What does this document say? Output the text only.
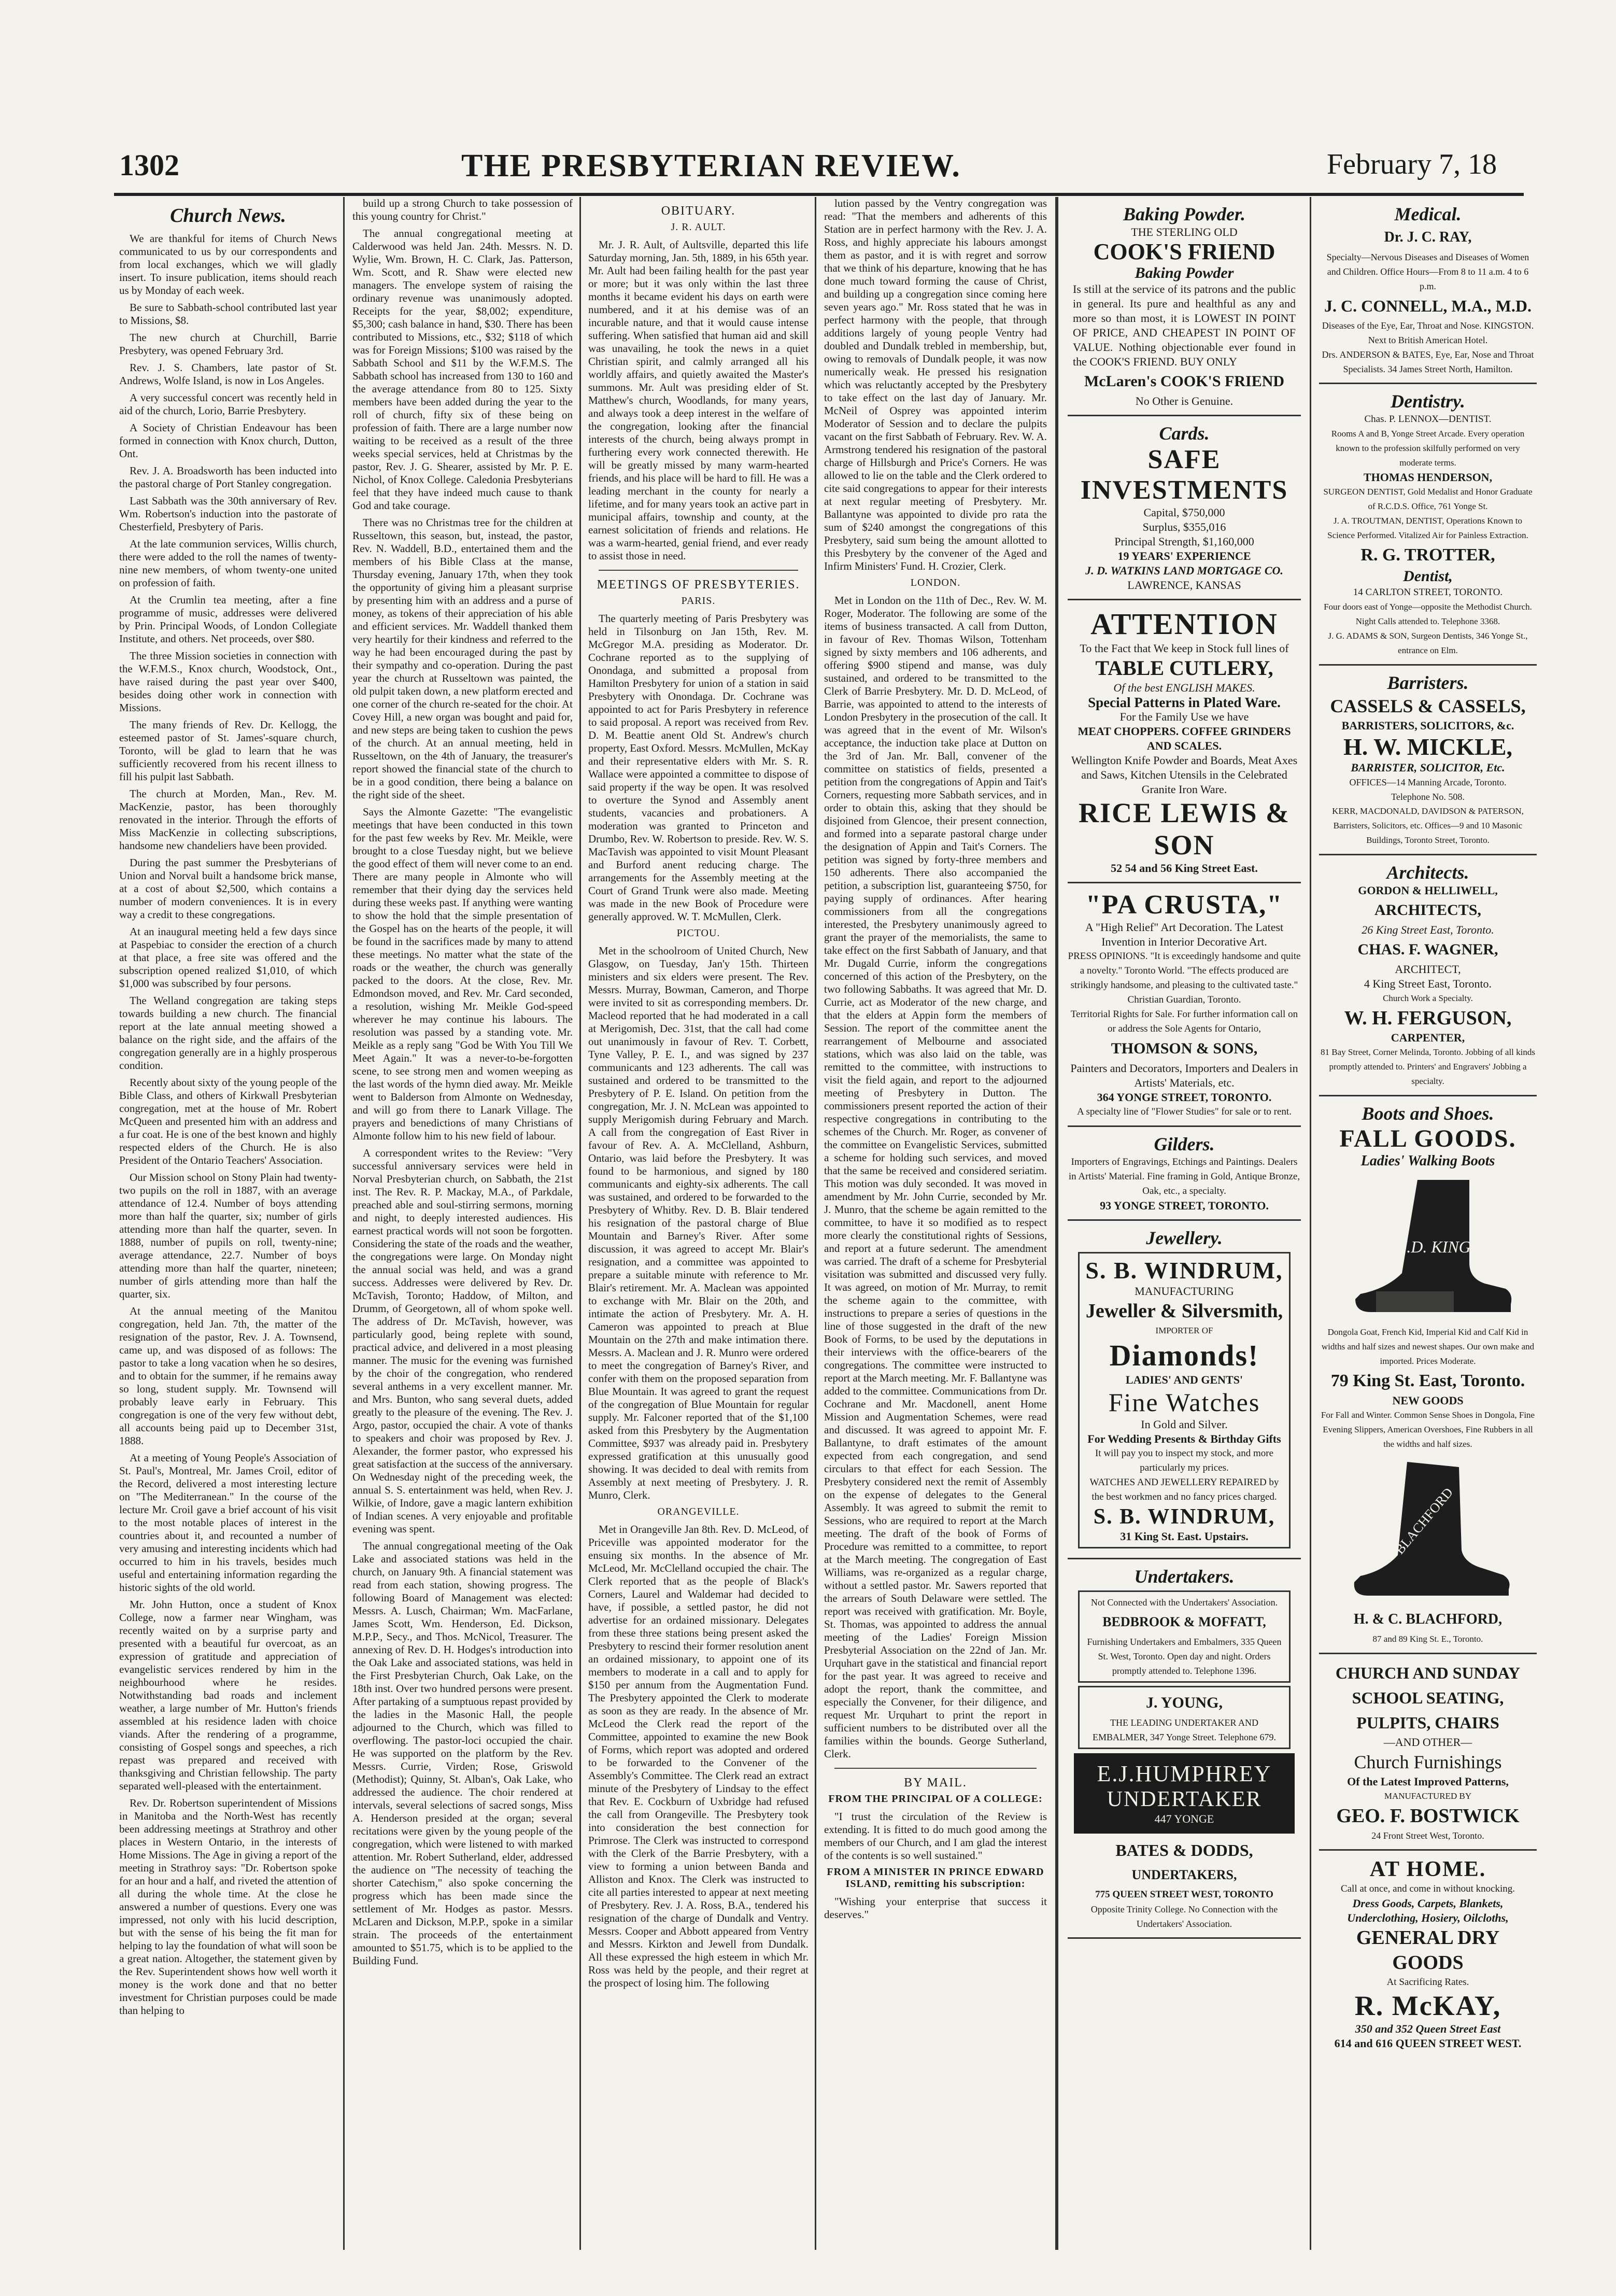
1302	THE PRESBYTERIAN REVIEW.	February 7, 18
Church News.

We are thankful for items of Church News communicated to us by our correspondents and from local exchanges, which we will gladly insert. To insure publication, items should reach us by Monday of each week.

Be sure to Sabbath-school contributed last year to Missions, $8.

The new church at Churchill, Barrie Presbytery, was opened February 3rd.

Rev. J. S. Chambers, late pastor of St. Andrews, Wolfe Island, is now in Los Angeles.

A very successful concert was recently held in aid of the church, Lorio, Barrie Presbytery.

A Society of Christian Endeavour has been formed in connection with Knox church, Dutton, Ont.

Rev. J. A. Broadsworth has been inducted into the pastoral charge of Port Stanley congregation.

Last Sabbath was the 30th anniversary of Rev. Wm. Robertson's induction into the pastorate of Chesterfield, Presbytery of Paris.

At the late communion services, Willis church, there were added to the roll the names of twenty-nine new members, of whom twenty-one united on profession of faith.

At the Crumlin tea meeting, after a fine programme of music, addresses were delivered by Prin. Principal Woods, of London Collegiate Institute, and others. Net proceeds, over $80.

The three Mission societies in connection with the W.F.M.S., Knox church, Woodstock, Ont., have raised during the past year over $400, besides doing other work in connection with Missions.

The many friends of Rev. Dr. Kellogg, the esteemed pastor of St. James'-square church, Toronto, will be glad to learn that he was sufficiently recovered from his recent illness to fill his pulpit last Sabbath.

The church at Morden, Man., Rev. M. MacKenzie, pastor, has been thoroughly renovated in the interior. Through the efforts of Miss MacKenzie in collecting subscriptions, handsome new chandeliers have been provided.

During the past summer the Presbyterians of Union and Norval built a handsome brick manse, at a cost of about $2,500, which contains a number of modern conveniences. It is in every way a credit to these congregations.

At an inaugural meeting held a few days since at Paspebiac to consider the erection of a church at that place, a free site was offered and the subscription opened realized $1,010, of which $1,000 was subscribed by four persons.

The Welland congregation are taking steps towards building a new church. The financial report at the late annual meeting showed a balance on the right side, and the affairs of the congregation generally are in a highly prosperous condition.

Recently about sixty of the young people of the Bible Class, and others of Kirkwall Presbyterian congregation, met at the house of Mr. Robert McQueen and presented him with an address and a fur coat. He is one of the best known and highly respected elders of the Church. He is also President of the Ontario Teachers' Association.

Our Mission school on Stony Plain had twenty-two pupils on the roll in 1887, with an average attendance of 12.4. Number of boys attending more than half the quarter, six; number of girls attending more than half the quarter, seven. In 1888, number of pupils on roll, twenty-nine; average attendance, 22.7. Number of boys attending more than half the quarter, nineteen; number of girls attending more than half the quarter, six.

At the annual meeting of the Manitou congregation, held Jan. 7th, the matter of the resignation of the pastor, Rev. J. A. Townsend, came up, and was disposed of as follows: The pastor to take a long vacation when he so desires, and to obtain for the summer, if he remains away so long, student supply. Mr. Townsend will probably leave early in February. This congregation is one of the very few without debt, all accounts being paid up to December 31st, 1888.

At a meeting of Young People's Association of St. Paul's, Montreal, Mr. James Croil, editor of the Record, delivered a most interesting lecture on "The Mediterranean." In the course of the lecture Mr. Croil gave a brief account of his visit to the most notable places of interest in the countries about it, and recounted a number of very amusing and interesting incidents which had occurred to him in his travels, besides much useful and entertaining information regarding the historic sights of the old world.

Mr. John Hutton, once a student of Knox College, now a farmer near Wingham, was recently waited on by a surprise party and presented with a beautiful fur overcoat, as an expression of gratitude and appreciation of evangelistic services rendered by him in the neighbourhood where he resides. Notwithstanding bad roads and inclement weather, a large number of Mr. Hutton's friends assembled at his residence laden with choice viands. After the rendering of a programme, consisting of Gospel songs and speeches, a rich repast was prepared and received with thanksgiving and Christian fellowship. The party separated well-pleased with the entertainment.

Rev. Dr. Robertson superintendent of Missions in Manitoba and the North-West has recently been addressing meetings at Strathroy and other places in Western Ontario, in the interests of Home Missions. The Age in giving a report of the meeting in Strathroy says: "Dr. Robertson spoke for an hour and a half, and riveted the attention of all during the whole time. At the close he answered a number of questions. Every one was impressed, not only with his lucid description, but with the sense of his being the fit man for helping to lay the foundation of what will soon be a great nation. Altogether, the statement given by the Rev. Superintendent shows how well worth it money is the work done and that no better investment for Christian purposes could be made than helping to

build up a strong Church to take possession of this young country for Christ."

The annual congregational meeting at Calderwood was held Jan. 24th. Messrs. N. D. Wylie, Wm. Brown, H. C. Clark, Jas. Patterson, Wm. Scott, and R. Shaw were elected new managers. The envelope system of raising the ordinary revenue was unanimously adopted. Receipts for the year, $8,002; expenditure, $5,300; cash balance in hand, $30. There has been contributed to Missions, etc., $32; $118 of which was for Foreign Missions; $100 was raised by the Sabbath School and $11 by the W.F.M.S. The Sabbath school has increased from 130 to 160 and the average attendance from 80 to 125. Sixty members have been added during the year to the roll of church, fifty six of these being on profession of faith. There are a large number now waiting to be received as a result of the three weeks special services, held at Christmas by the pastor, Rev. J. G. Shearer, assisted by Mr. P. E. Nichol, of Knox College. Caledonia Presbyterians feel that they have indeed much cause to thank God and take courage.

There was no Christmas tree for the children at Russeltown, this season, but, instead, the pastor, Rev. N. Waddell, B.D., entertained them and the members of his Bible Class at the manse, Thursday evening, January 17th, when they took the opportunity of giving him a pleasant surprise by presenting him with an address and a purse of money, as tokens of their appreciation of his able and efficient services. Mr. Waddell thanked them very heartily for their kindness and referred to the way he had been encouraged during the past by their sympathy and co-operation. During the past year the church at Russeltown was painted, the old pulpit taken down, a new platform erected and one corner of the church re-seated for the choir. At Covey Hill, a new organ was bought and paid for, and new steps are being taken to cushion the pews of the church. At an annual meeting, held in Russeltown, on the 4th of January, the treasurer's report showed the financial state of the church to be in a good condition, there being a balance on the right side of the sheet.

Says the Almonte Gazette: "The evangelistic meetings that have been conducted in this town for the past few weeks by Rev. Mr. Meikle, were brought to a close Tuesday night, but we believe the good effect of them will never come to an end. There are many people in Almonte who will remember that their dying day the services held during these weeks past. If anything were wanting to show the hold that the simple presentation of the Gospel has on the hearts of the people, it will be found in the sacrifices made by many to attend these meetings. No matter what the state of the roads or the weather, the church was generally packed to the doors. At the close, Rev. Mr. Edmondson moved, and Rev. Mr. Card seconded, a resolution, wishing Mr. Meikle God-speed wherever he may continue his labours. The resolution was passed by a standing vote. Mr. Meikle as a reply sang "God be With You Till We Meet Again." It was a never-to-be-forgotten scene, to see strong men and women weeping as the last words of the hymn died away. Mr. Meikle went to Balderson from Almonte on Wednesday, and will go from there to Lanark Village. The prayers and benedictions of many Christians of Almonte follow him to his new field of labour.

A correspondent writes to the Review: "Very successful anniversary services were held in Norval Presbyterian church, on Sabbath, the 21st inst. The Rev. R. P. Mackay, M.A., of Parkdale, preached able and soul-stirring sermons, morning and night, to deeply interested audiences. His earnest practical words will not soon be forgotten. Considering the state of the roads and the weather, the congregations were large. On Monday night the annual social was held, and was a grand success. Addresses were delivered by Rev. Dr. McTavish, Toronto; Haddow, of Milton, and Drumm, of Georgetown, all of whom spoke well. The address of Dr. McTavish, however, was particularly good, being replete with sound, practical advice, and delivered in a most pleasing manner. The music for the evening was furnished by the choir of the congregation, who rendered several anthems in a very excellent manner. Mr. and Mrs. Bunton, who sang several duets, added greatly to the pleasure of the evening. The Rev. J. Argo, pastor, occupied the chair. A vote of thanks to speakers and choir was proposed by Rev. J. Alexander, the former pastor, who expressed his great satisfaction at the success of the anniversary. On Wednesday night of the preceding week, the annual S. S. entertainment was held, when Rev. J. Wilkie, of Indore, gave a magic lantern exhibition of Indian scenes. A very enjoyable and profitable evening was spent.

The annual congregational meeting of the Oak Lake and associated stations was held in the church, on January 9th. A financial statement was read from each station, showing progress. The following Board of Management was elected: Messrs. A. Lusch, Chairman; Wm. MacFarlane, James Scott, Wm. Henderson, Ed. Dickson, M.P.P., Secy., and Thos. McNicol, Treasurer. The annexing of Rev. D. H. Hodges's introduction into the Oak Lake and associated stations, was held in the First Presbyterian Church, Oak Lake, on the 18th inst. Over two hundred persons were present. After partaking of a sumptuous repast provided by the ladies in the Masonic Hall, the people adjourned to the Church, which was filled to overflowing. The pastor-loci occupied the chair. He was supported on the platform by the Rev. Messrs. Currie, Virden; Rose, Griswold (Methodist); Quinny, St. Alban's, Oak Lake, who addressed the audience. The choir rendered at intervals, several selections of sacred songs, Miss A. Henderson presided at the organ; several recitations were given by the young people of the congregation, which were listened to with marked attention. Mr. Robert Sutherland, elder, addressed the audience on "The necessity of teaching the shorter Catechism," also spoke concerning the progress which has been made since the settlement of Mr. Hodges as pastor. Messrs. McLaren and Dickson, M.P.P., spoke in a similar strain. The proceeds of the entertainment amounted to $51.75, which is to be applied to the Building Fund.

OBITUARY.
J. R. AULT.

Mr. J. R. Ault, of Aultsville, departed this life Saturday morning, Jan. 5th, 1889, in his 65th year. Mr. Ault had been failing health for the past year or more; but it was only within the last three months it became evident his days on earth were numbered, and it at his demise was of an incurable nature, and that it would cause intense suffering. When satisfied that human aid and skill was unavailing, he took the news in a quiet Christian spirit, and calmly arranged all his worldly affairs, and quietly awaited the Master's summons. Mr. Ault was presiding elder of St. Matthew's church, Woodlands, for many years, and always took a deep interest in the welfare of the congregation, looking after the financial interests of the church, being always prompt in furthering every work connected therewith. He will be greatly missed by many warm-hearted friends, and his place will be hard to fill. He was a leading merchant in the county for nearly a lifetime, and for many years took an active part in municipal affairs, township and county, at the earnest solicitation of friends and relations. He was a warm-hearted, genial friend, and ever ready to assist those in need.

MEETINGS OF PRESBYTERIES.
PARIS.

The quarterly meeting of Paris Presbytery was held in Tilsonburg on Jan 15th, Rev. M. McGregor M.A. presiding as Moderator. Dr. Cochrane reported as to the supplying of Onondaga, and submitted a proposal from Hamilton Presbytery for union of a station in said Presbytery with Onondaga. Dr. Cochrane was appointed to act for Paris Presbytery in reference to said proposal. A report was received from Rev. D. M. Beattie anent Old St. Andrew's church property, East Oxford. Messrs. McMullen, McKay and their representative elders with Mr. S. R. Wallace were appointed a committee to dispose of said property if the way be open. It was resolved to overture the Synod and Assembly anent students, vacancies and probationers. A moderation was granted to Princeton and Drumbo, Rev. W. Robertson to preside. Rev. W. S. MacTavish was appointed to visit Mount Pleasant and Burford anent reducing charge. The arrangements for the Assembly meeting at the Court of Grand Trunk were also made. Meeting was made in the new Book of Procedure were generally approved. W. T. McMullen, Clerk.

PICTOU.

Met in the schoolroom of United Church, New Glasgow, on Tuesday, Jan'y 15th. Thirteen ministers and six elders were present. The Rev. Messrs. Murray, Bowman, Cameron, and Thorpe were invited to sit as corresponding members. Dr. Macleod reported that he had moderated in a call at Merigomish, Dec. 31st, that the call had come out unanimously in favour of Rev. T. Corbett, Tyne Valley, P. E. I., and was signed by 237 communicants and 123 adherents. The call was sustained and ordered to be transmitted to the Presbytery of P. E. Island. On petition from the congregation, Mr. J. N. McLean was appointed to supply Merigomish during February and March. A call from the congregation of East River in favour of Rev. A. A. McClelland, Ashburn, Ontario, was laid before the Presbytery. It was found to be harmonious, and signed by 180 communicants and eighty-six adherents. The call was sustained, and ordered to be forwarded to the Presbytery of Whitby. Rev. D. B. Blair tendered his resignation of the pastoral charge of Blue Mountain and Barney's River. After some discussion, it was agreed to accept Mr. Blair's resignation, and a committee was appointed to prepare a suitable minute with reference to Mr. Blair's retirement. Mr. A. Maclean was appointed to exchange with Mr. Blair on the 20th, and intimate the action of Presbytery. Mr. A. H. Cameron was appointed to preach at Blue Mountain on the 27th and make intimation there. Messrs. A. Maclean and J. R. Munro were ordered to meet the congregation of Barney's River, and confer with them on the proposed separation from Blue Mountain. It was agreed to grant the request of the congregation of Blue Mountain for regular supply. Mr. Falconer reported that of the $1,100 asked from this Presbytery by the Augmentation Committee, $937 was already paid in. Presbytery expressed gratification at this unusually good showing. It was decided to deal with remits from Assembly at next meeting of Presbytery. J. R. Munro, Clerk.

ORANGEVILLE.

Met in Orangeville Jan 8th. Rev. D. McLeod, of Priceville was appointed moderator for the ensuing six months. In the absence of Mr. McLeod, Mr. McClelland occupied the chair. The Clerk reported that as the people of Black's Corners, Laurel and Waldemar had decided to have, if possible, a settled pastor, he did not advertise for an ordained missionary. Delegates from these three stations being present asked the Presbytery to rescind their former resolution anent an ordained missionary, to appoint one of its members to moderate in a call and to apply for $150 per annum from the Augmentation Fund. The Presbytery appointed the Clerk to moderate as soon as they are ready. In the absence of Mr. McLeod the Clerk read the report of the Committee, appointed to examine the new Book of Forms, which report was adopted and ordered to be forwarded to the Convener of the Assembly's Committee. The Clerk read an extract minute of the Presbytery of Lindsay to the effect that Rev. E. Cockburn of Uxbridge had refused the call from Orangeville. The Presbytery took into consideration the best connection for Primrose. The Clerk was instructed to correspond with the Clerk of the Barrie Presbytery, with a view to forming a union between Banda and Alliston and Knox. The Clerk was instructed to cite all parties interested to appear at next meeting of Presbytery. Rev. J. A. Ross, B.A., tendered his resignation of the charge of Dundalk and Ventry. Messrs. Cooper and Abbott appeared from Ventry and Messrs. Kirkton and Jewell from Dundalk. All these expressed the high esteem in which Mr. Ross was held by the people, and their regret at the prospect of losing him. The following

lution passed by the Ventry congregation was read: "That the members and adherents of this Station are in perfect harmony with the Rev. J. A. Ross, and highly appreciate his labours amongst them as pastor, and it is with regret and sorrow that we think of his departure, knowing that he has done much toward forming the cause of Christ, and building up a congregation since coming here seven years ago." Mr. Ross stated that he was in perfect harmony with the people, that through additions largely of young people Ventry had doubled and Dundalk trebled in membership, but, owing to removals of Dundalk people, it was now numerically weak. He pressed his resignation which was reluctantly accepted by the Presbytery to take effect on the last day of January. Mr. McNeil of Osprey was appointed interim Moderator of Session and to declare the pulpits vacant on the first Sabbath of February. Rev. W. A. Armstrong tendered his resignation of the pastoral charge of Hillsburgh and Price's Corners. He was allowed to lie on the table and the Clerk ordered to cite said congregations to appear for their interests at next regular meeting of Presbytery. Mr. Ballantyne was appointed to divide pro rata the sum of $240 amongst the congregations of this Presbytery, said sum being the amount allotted to this Presbytery by the convener of the Aged and Infirm Ministers' Fund. H. Crozier, Clerk.

LONDON.

Met in London on the 11th of Dec., Rev. W. M. Roger, Moderator. The following are some of the items of business transacted. A call from Dutton, in favour of Rev. Thomas Wilson, Tottenham signed by sixty members and 106 adherents, and offering $900 stipend and manse, was duly sustained, and ordered to be transmitted to the Clerk of Barrie Presbytery. Mr. D. D. McLeod, of Barrie, was appointed to attend to the interests of London Presbytery in the prosecution of the call. It was agreed that in the event of Mr. Wilson's acceptance, the induction take place at Dutton on the 3rd of Jan. Mr. Ball, convener of the committee on statistics of fields, presented a petition from the congregations of Appin and Tait's Corners, requesting more Sabbath services, and in order to obtain this, asking that they should be disjoined from Glencoe, their present connection, and formed into a separate pastoral charge under the designation of Appin and Tait's Corners. The petition was signed by forty-three members and 150 adherents. There also accompanied the petition, a subscription list, guaranteeing $750, for paying supply of ordinances. After hearing commissioners from all the congregations interested, the Presbytery unanimously agreed to grant the prayer of the memorialists, the same to take effect on the first Sabbath of January, and that Mr. Dugald Currie, inform the congregations concerned of this action of the Presbytery, on the two following Sabbaths. It was agreed that Mr. D. Currie, act as Moderator of the new charge, and that the elders at Appin form the members of Session. The report of the committee anent the rearrangement of Melbourne and associated stations, which was also laid on the table, was remitted to the committee, with instructions to visit the field again, and report to the adjourned meeting of Presbytery in Dutton. The commissioners present reported the action of their respective congregations in contributing to the schemes of the Church. Mr. Roger, as convener of the committee on Evangelistic Services, submitted a scheme for holding such services, and moved that the same be received and considered seriatim. This motion was duly seconded. It was moved in amendment by Mr. John Currie, seconded by Mr. J. Munro, that the scheme be again remitted to the committee, to have it so modified as to respect more clearly the constitutional rights of Sessions, and report at a future sederunt. The amendment was carried. The draft of a scheme for Presbyterial visitation was submitted and discussed very fully. It was agreed, on motion of Mr. Murray, to remit the scheme again to the committee, with instructions to prepare a series of questions in the line of those suggested in the draft of the new Book of Forms, to be used by the deputations in their interviews with the office-bearers of the congregations. The committee were instructed to report at the March meeting. Mr. F. Ballantyne was added to the committee. Communications from Dr. Cochrane and Mr. Macdonell, anent Home Mission and Augmentation Schemes, were read and discussed. It was agreed to appoint Mr. F. Ballantyne, to draft estimates of the amount expected from each congregation, and send circulars to that effect for each Session. The Presbytery considered next the remit of Assembly on the expense of delegates to the General Assembly. It was agreed to submit the remit to Sessions, who are required to report at the March meeting. The draft of the book of Forms of Procedure was remitted to a committee, to report at the March meeting. The congregation of East Williams, was re-organized as a regular charge, without a settled pastor. Mr. Sawers reported that the arrears of South Delaware were settled. The report was received with gratification. Mr. Boyle, St. Thomas, was appointed to address the annual meeting of the Ladies' Foreign Mission Presbyterial Association on the 22nd of Jan. Mr. Urquhart gave in the statistical and financial report for the past year. It was agreed to receive and adopt the report, thank the committee, and especially the Convener, for their diligence, and request Mr. Urquhart to print the report in sufficient numbers to be distributed over all the families within the bounds. George Sutherland, Clerk.

BY MAIL.
FROM THE PRINCIPAL OF A COLLEGE:

"I trust the circulation of the Review is extending. It is fitted to do much good among the members of our Church, and I am glad the interest of the contents is so well sustained."

FROM A MINISTER IN PRINCE EDWARD ISLAND, remitting his subscription:

"Wishing your enterprise that success it deserves."

Baking Powder.
THE STERLING OLD
COOK'S FRIEND
Baking Powder
Is still at the service of its patrons and the public in general. Its pure and healthful as any and more so than most, it is LOWEST IN POINT OF PRICE, AND CHEAPEST IN POINT OF VALUE. Nothing objectionable ever found in the COOK'S FRIEND. BUY ONLY
McLaren's COOK'S FRIEND
No Other is Genuine.
Cards.
SAFE INVESTMENTS
Capital, $750,000
Surplus, $355,016
Principal Strength, $1,160,000
19 YEARS' EXPERIENCE
J. D. WATKINS LAND MORTGAGE CO.
LAWRENCE, KANSAS
ATTENTION
To the Fact that We keep in Stock full lines of
TABLE CUTLERY,
Of the best ENGLISH MAKES.
Special Patterns in Plated Ware.
For the Family Use we have
MEAT CHOPPERS. COFFEE GRINDERS AND SCALES.
Wellington Knife Powder and Boards, Meat Axes and Saws, Kitchen Utensils in the Celebrated Granite Iron Ware.
RICE LEWIS & SON
52 54 and 56 King Street East.
"PA CRUSTA,"
A "High Relief" Art Decoration. The Latest Invention in Interior Decorative Art.
PRESS OPINIONS. "It is exceedingly handsome and quite a novelty." Toronto World. "The effects produced are strikingly handsome, and pleasing to the cultivated taste." Christian Guardian, Toronto.
Territorial Rights for Sale. For further information call on or address the Sole Agents for Ontario,
THOMSON & SONS,
Painters and Decorators, Importers and Dealers in Artists' Materials, etc.
364 YONGE STREET, TORONTO.
A specialty line of "Flower Studies" for sale or to rent.
Gilders.
Importers of Engravings, Etchings and Paintings. Dealers in Artists' Material. Fine framing in Gold, Antique Bronze, Oak, etc., a specialty.
93 YONGE STREET, TORONTO.
Jewellery.
S. B. WINDRUM,
MANUFACTURING
Jeweller & Silversmith,
IMPORTER OF
Diamonds!
LADIES' AND GENTS'
Fine Watches
In Gold and Silver.
For Wedding Presents & Birthday Gifts
It will pay you to inspect my stock, and more particularly my prices.
WATCHES AND JEWELLERY REPAIRED by the best workmen and no fancy prices charged.
S. B. WINDRUM,
31 King St. East. Upstairs.
Undertakers.
Not Connected with the Undertakers' Association.
BEDBROOK & MOFFATT,
Furnishing Undertakers and Embalmers, 335 Queen St. West, Toronto. Open day and night. Orders promptly attended to. Telephone 1396.
J. YOUNG,
THE LEADING UNDERTAKER AND EMBALMER, 347 Yonge Street. Telephone 679.
E.J.HUMPHREY
UNDERTAKER
447 YONGE
BATES & DODDS,
UNDERTAKERS,
775 QUEEN STREET WEST, TORONTO
Opposite Trinity College. No Connection with the Undertakers' Association.
Medical.
Dr. J. C. RAY,
Specialty—Nervous Diseases and Diseases of Women and Children. Office Hours—From 8 to 11 a.m. 4 to 6 p.m.
J. C. CONNELL, M.A., M.D.
Diseases of the Eye, Ear, Throat and Nose. KINGSTON. Next to British American Hotel.
Drs. ANDERSON & BATES, Eye, Ear, Nose and Throat Specialists. 34 James Street North, Hamilton.
Dentistry.
Chas. P. LENNOX—DENTIST.
Rooms A and B, Yonge Street Arcade. Every operation known to the profession skilfully performed on very moderate terms.
THOMAS HENDERSON,
SURGEON DENTIST, Gold Medalist and Honor Graduate of R.C.D.S. Office, 761 Yonge St.
J. A. TROUTMAN, DENTIST, Operations Known to Science Performed. Vitalized Air for Painless Extraction.
R. G. TROTTER,
Dentist,
14 CARLTON STREET, TORONTO.
Four doors east of Yonge—opposite the Methodist Church. Night Calls attended to. Telephone 3368.
J. G. ADAMS & SON, Surgeon Dentists, 346 Yonge St., entrance on Elm.
Barristers.
CASSELS & CASSELS,
BARRISTERS, SOLICITORS, &c.
H. W. MICKLE,
BARRISTER, SOLICITOR, Etc.
OFFICES—14 Manning Arcade, Toronto.
Telephone No. 508.
KERR, MACDONALD, DAVIDSON & PATERSON, Barristers, Solicitors, etc. Offices—9 and 10 Masonic Buildings, Toronto Street, Toronto.
Architects.
GORDON & HELLIWELL,
ARCHITECTS,
26 King Street East, Toronto.
CHAS. F. WAGNER,
ARCHITECT,
4 King Street East, Toronto.
Church Work a Specialty.
W. H. FERGUSON,
CARPENTER,
81 Bay Street, Corner Melinda, Toronto. Jobbing of all kinds promptly attended to. Printers' and Engravers' Jobbing a specialty.
Boots and Shoes.
FALL GOODS.
Ladies' Walking Boots
J.D. KING & Co
Dongola Goat, French Kid, Imperial Kid and Calf Kid in widths and half sizes and newest shapes. Our own make and imported. Prices Moderate.
79 King St. East, Toronto.
NEW GOODS
For Fall and Winter. Common Sense Shoes in Dongola, Fine Evening Slippers, American Overshoes, Fine Rubbers in all the widths and half sizes.
BLACHFORD
H. & C. BLACHFORD,
87 and 89 King St. E., Toronto.
CHURCH AND SUNDAY
SCHOOL SEATING,
PULPITS, CHAIRS
—AND OTHER—
Church Furnishings
Of the Latest Improved Patterns,
MANUFACTURED BY
GEO. F. BOSTWICK
24 Front Street West, Toronto.
AT HOME.
Call at once, and come in without knocking.
Dress Goods, Carpets, Blankets, Underclothing, Hosiery, Oilcloths,
GENERAL DRY GOODS
At Sacrificing Rates.
R. McKAY,
350 and 352 Queen Street East
614 and 616 QUEEN STREET WEST.
